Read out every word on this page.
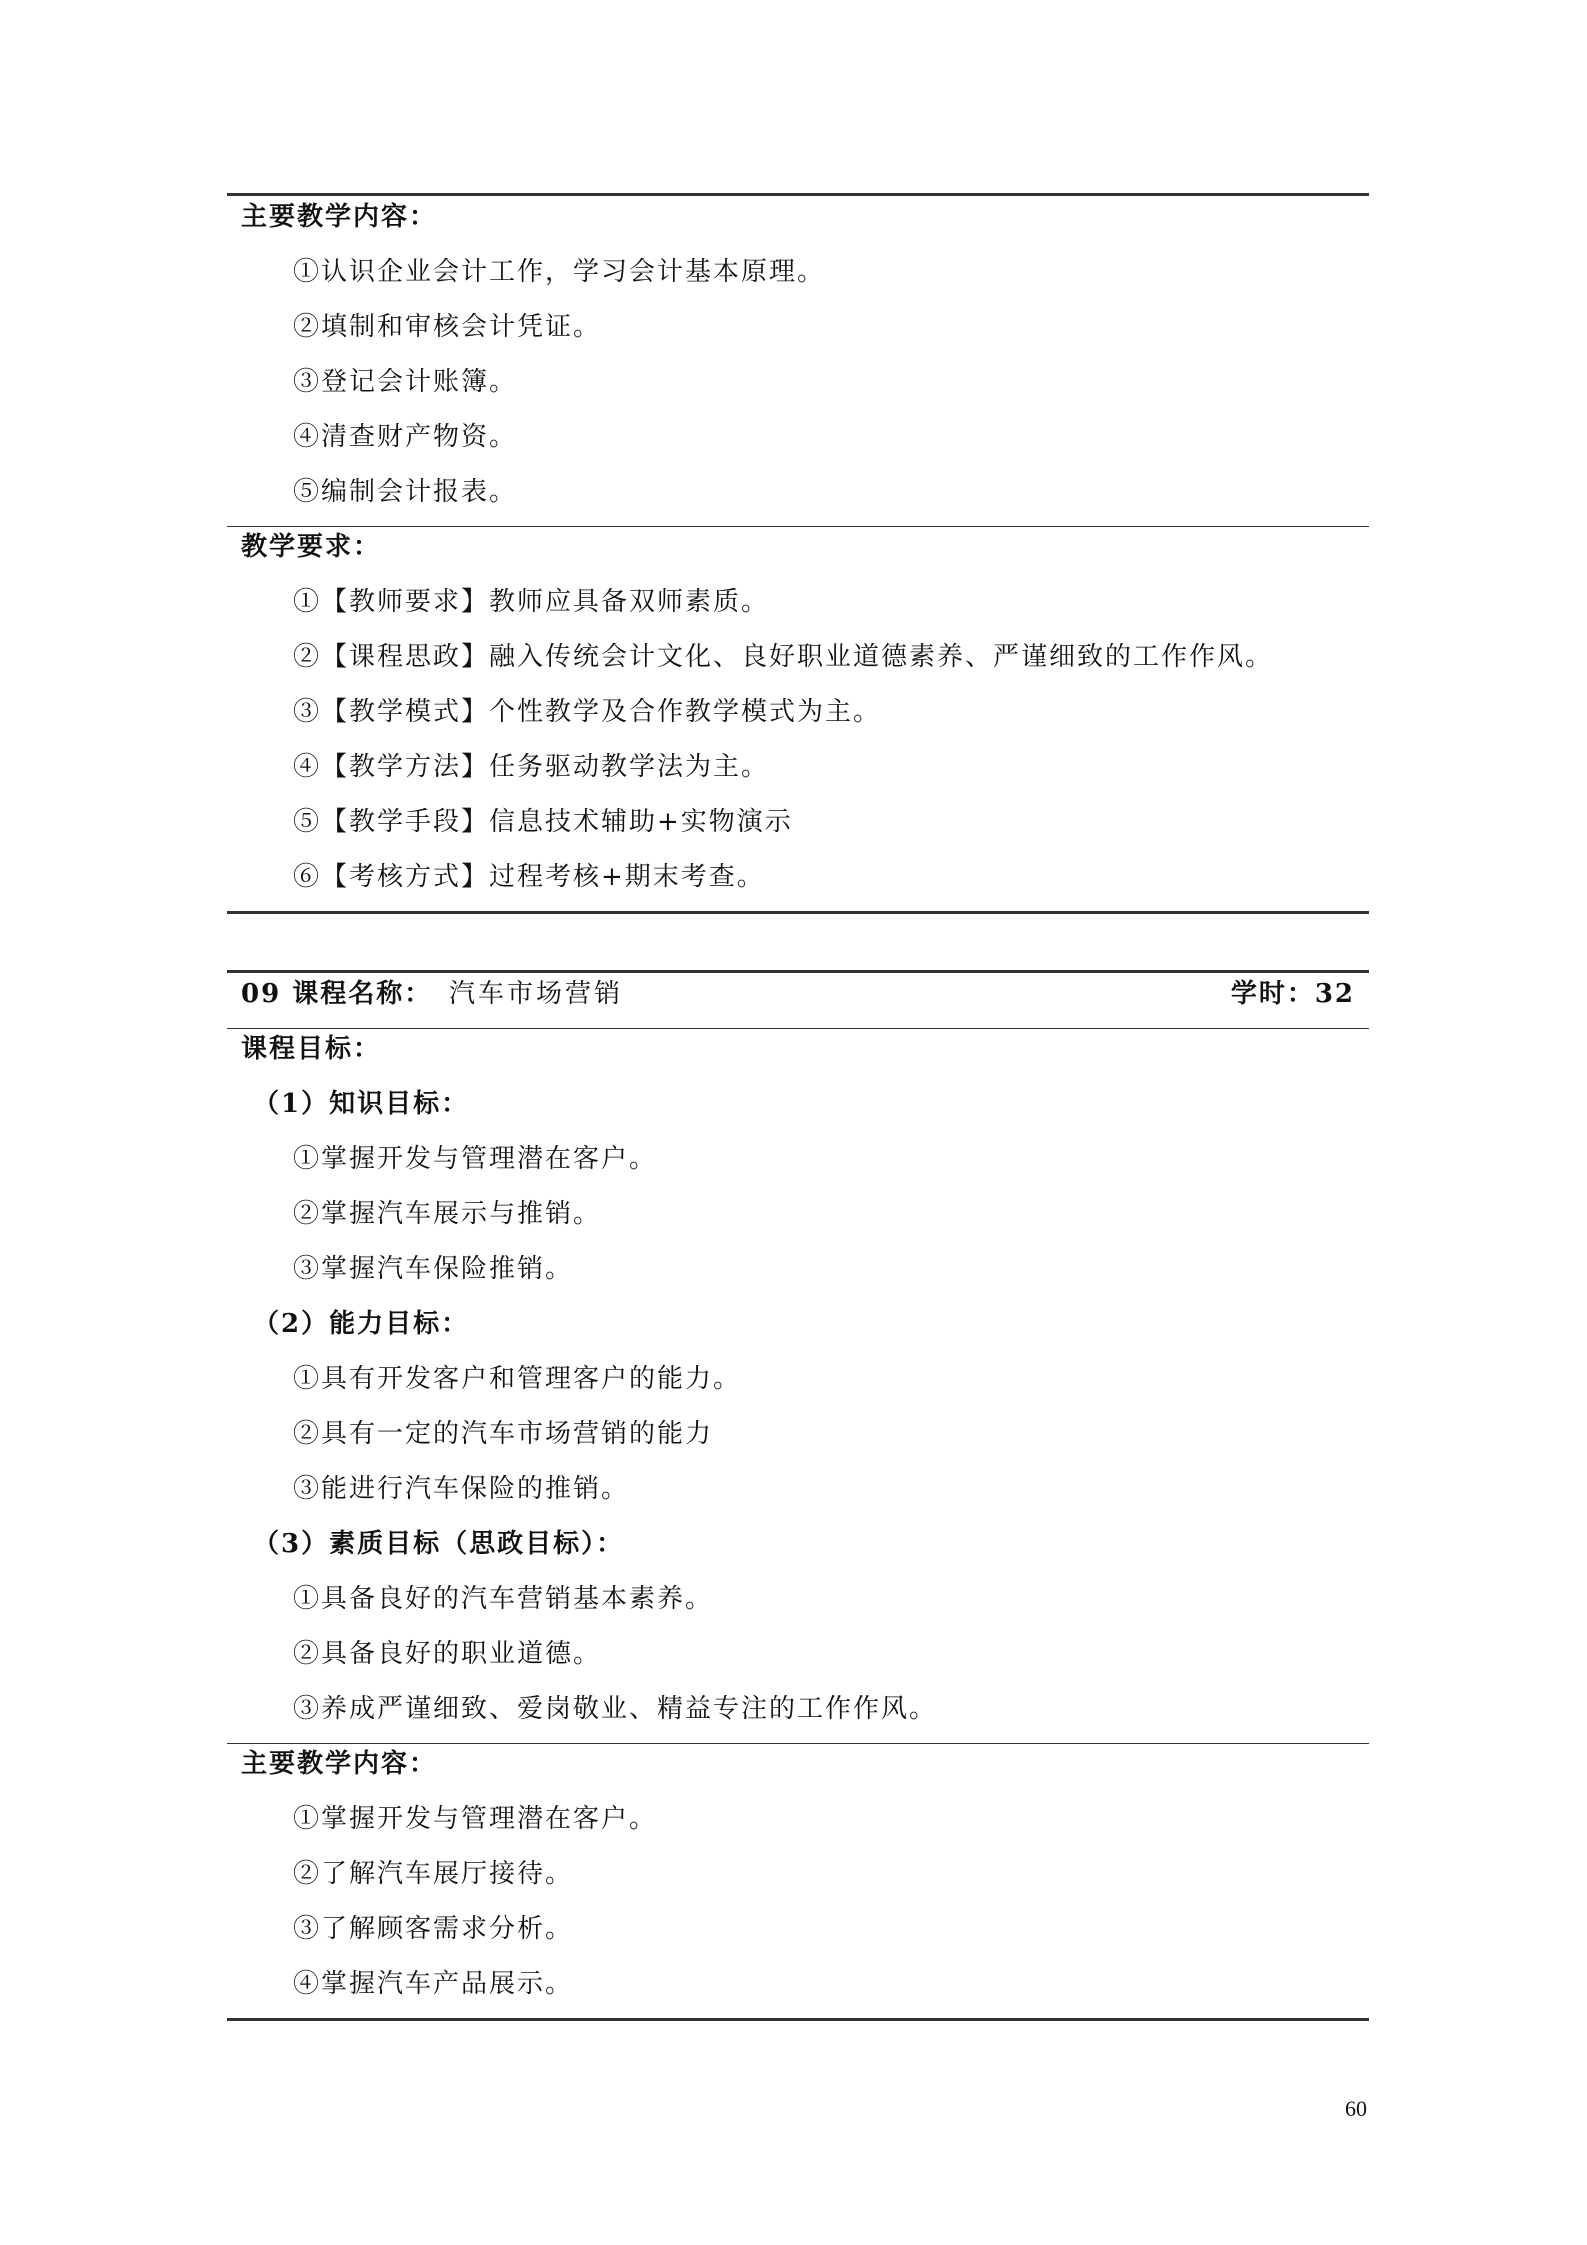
主要教学内容：
①认识企业会计工作，学习会计基本原理。
②填制和审核会计凭证。
③登记会计账簿。
④清查财产物资。
⑤编制会计报表。
教学要求：
①【教师要求】教师应具备双师素质。
②【课程思政】融入传统会计文化、良好职业道德素养、严谨细致的工作作风。
③【教学模式】个性教学及合作教学模式为主。
④【教学方法】任务驱动教学法为主。
⑤【教学手段】信息技术辅助+实物演示
⑥【考核方式】过程考核+期末考查。
09 课程名称： 汽车市场营销	学时：32
课程目标：
（1）知识目标：
①掌握开发与管理潜在客户。
②掌握汽车展示与推销。
③掌握汽车保险推销。
（2）能力目标：
①具有开发客户和管理客户的能力。
②具有一定的汽车市场营销的能力
③能进行汽车保险的推销。
（3）素质目标（思政目标）：
①具备良好的汽车营销基本素养。
②具备良好的职业道德。
③养成严谨细致、爱岗敬业、精益专注的工作作风。
主要教学内容：
①掌握开发与管理潜在客户。
②了解汽车展厅接待。
③了解顾客需求分析。
④掌握汽车产品展示。
60
